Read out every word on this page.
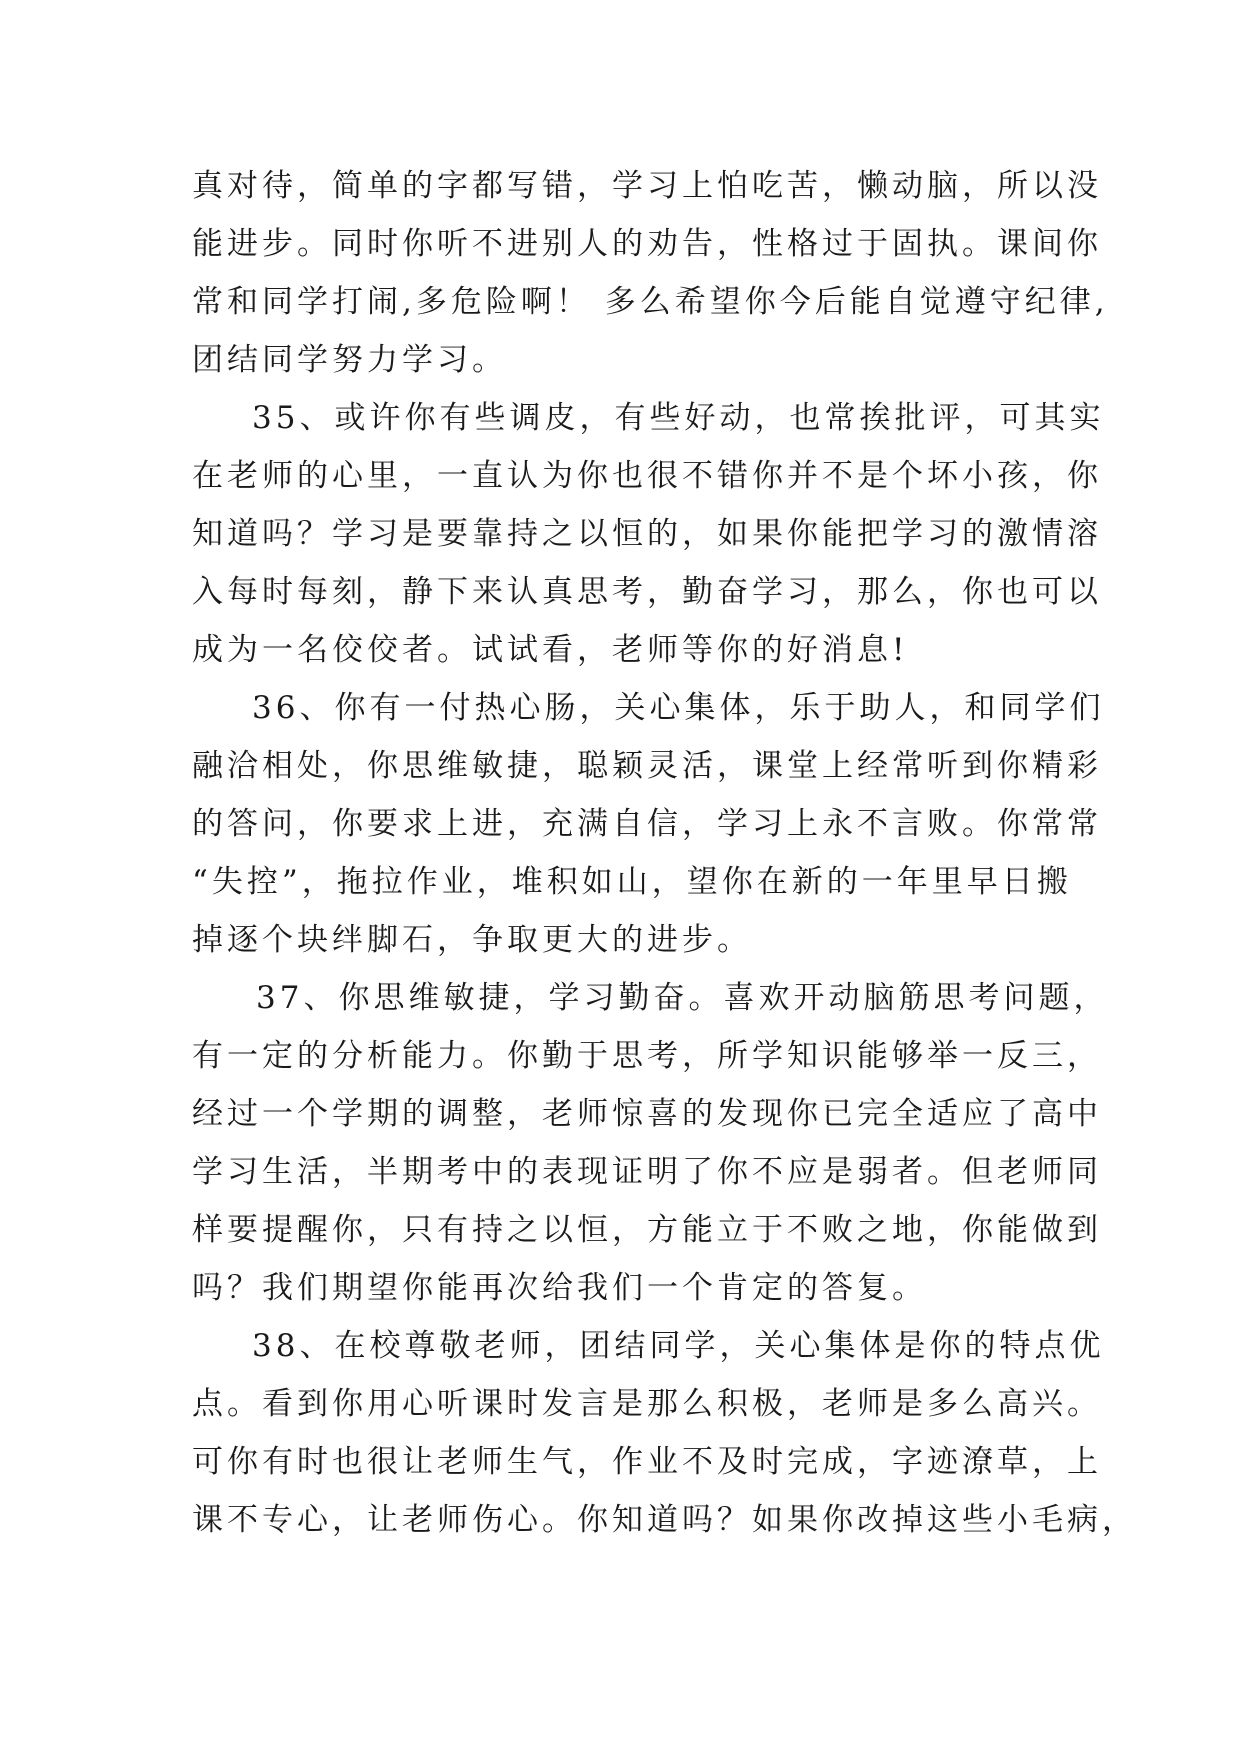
真对待，简单的字都写错，学习上怕吃苦，懒动脑，所以没
能进步。同时你听不进别人的劝告，性格过于固执。课间你
常和同学打闹,多危险啊！ 多么希望你今后能自觉遵守纪律,
团结同学努力学习。
35、或许你有些调皮，有些好动，也常挨批评，可其实
在老师的心里，一直认为你也很不错你并不是个坏小孩，你
知道吗？学习是要靠持之以恒的，如果你能把学习的激情溶
入每时每刻，静下来认真思考，勤奋学习，那么，你也可以
成为一名佼佼者。试试看，老师等你的好消息!
36、你有一付热心肠，关心集体，乐于助人，和同学们
融洽相处，你思维敏捷，聪颖灵活，课堂上经常听到你精彩
的答问，你要求上进，充满自信，学习上永不言败。你常常
“失控”，拖拉作业，堆积如山，望你在新的一年里早日搬
掉逐个块绊脚石，争取更大的进步。
37、你思维敏捷，学习勤奋。喜欢开动脑筋思考问题，
有一定的分析能力。你勤于思考，所学知识能够举一反三，
经过一个学期的调整，老师惊喜的发现你已完全适应了高中
学习生活，半期考中的表现证明了你不应是弱者。但老师同
样要提醒你，只有持之以恒，方能立于不败之地，你能做到
吗？我们期望你能再次给我们一个肯定的答复。
38、在校尊敬老师，团结同学，关心集体是你的特点优
点。看到你用心听课时发言是那么积极，老师是多么高兴。
可你有时也很让老师生气，作业不及时完成，字迹潦草，上
课不专心，让老师伤心。你知道吗？如果你改掉这些小毛病，
